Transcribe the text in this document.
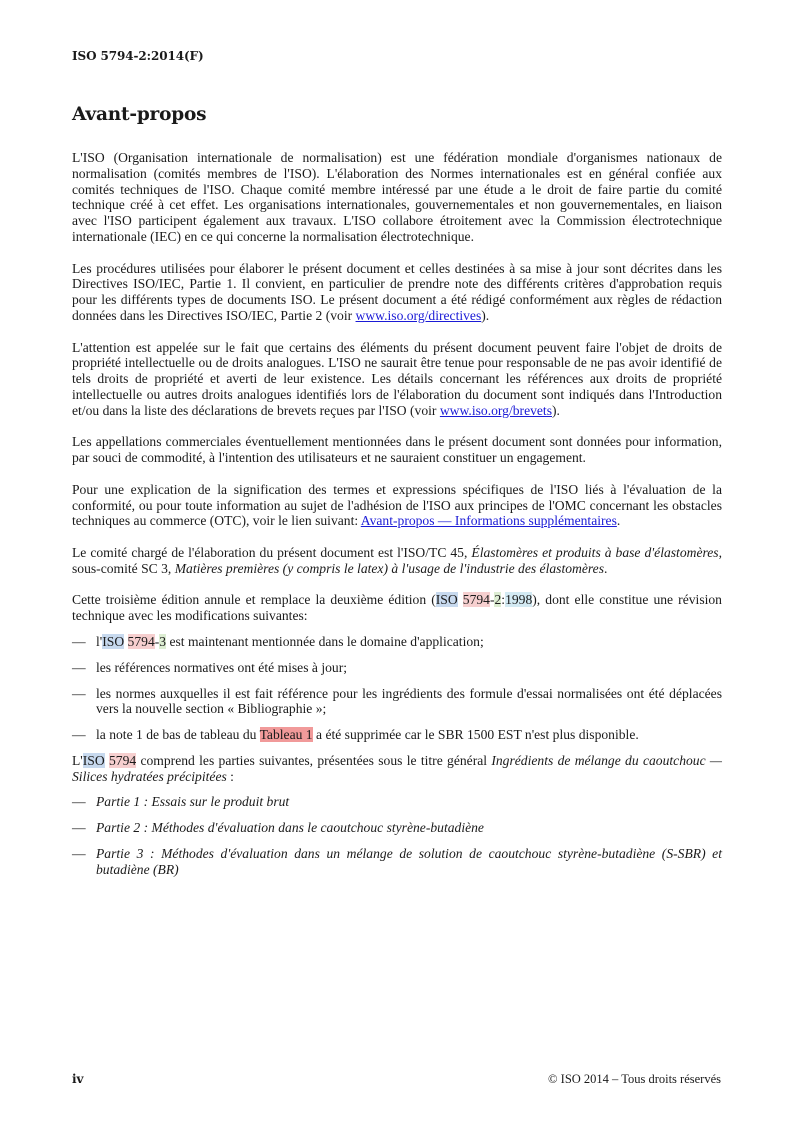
ISO 5794-2:2014(F)
Avant-propos

L'ISO (Organisation internationale de normalisation) est une fédération mondiale d'organismes nationaux de normalisation (comités membres de l'ISO). L'élaboration des Normes internationales est en général confiée aux comités techniques de l'ISO. Chaque comité membre intéressé par une étude a le droit de faire partie du comité technique créé à cet effet. Les organisations internationales, gouvernementales et non gouvernementales, en liaison avec l'ISO participent également aux travaux. L'ISO collabore étroitement avec la Commission électrotechnique internationale (IEC) en ce qui concerne la normalisation électrotechnique.

Les procédures utilisées pour élaborer le présent document et celles destinées à sa mise à jour sont décrites dans les Directives ISO/IEC, Partie 1. Il convient, en particulier de prendre note des différents critères d'approbation requis pour les différents types de documents ISO. Le présent document a été rédigé conformément aux règles de rédaction données dans les Directives ISO/IEC, Partie 2 (voir www.iso.org/directives).

L'attention est appelée sur le fait que certains des éléments du présent document peuvent faire l'objet de droits de propriété intellectuelle ou de droits analogues. L'ISO ne saurait être tenue pour responsable de ne pas avoir identifié de tels droits de propriété et averti de leur existence. Les détails concernant les références aux droits de propriété intellectuelle ou autres droits analogues identifiés lors de l'élaboration du document sont indiqués dans l'Introduction et/ou dans la liste des déclarations de brevets reçues par l'ISO (voir www.iso.org/brevets).

Les appellations commerciales éventuellement mentionnées dans le présent document sont données pour information, par souci de commodité, à l'intention des utilisateurs et ne sauraient constituer un engagement.

Pour une explication de la signification des termes et expressions spécifiques de l'ISO liés à l'évaluation de la conformité, ou pour toute information au sujet de l'adhésion de l'ISO aux principes de l'OMC concernant les obstacles techniques au commerce (OTC), voir le lien suivant: Avant-propos — Informations supplémentaires.

Le comité chargé de l'élaboration du présent document est l'ISO/TC 45, Élastomères et produits à base d'élastomères, sous-comité SC 3, Matières premières (y compris le latex) à l'usage de l'industrie des élastomères.

Cette troisième édition annule et remplace la deuxième édition (ISO 5794-2:1998), dont elle constitue une révision technique avec les modifications suivantes:

— l'ISO 5794-3 est maintenant mentionnée dans le domaine d'application;
— les références normatives ont été mises à jour;
— les normes auxquelles il est fait référence pour les ingrédients des formule d'essai normalisées ont été déplacées vers la nouvelle section « Bibliographie »;
— la note 1 de bas de tableau du Tableau 1 a été supprimée car le SBR 1500 EST n'est plus disponible.

L'ISO 5794 comprend les parties suivantes, présentées sous le titre général Ingrédients de mélange du caoutchouc — Silices hydratées précipitées :

— Partie 1 : Essais sur le produit brut
— Partie 2 : Méthodes d'évaluation dans le caoutchouc styrène-butadiène
— Partie 3 : Méthodes d'évaluation dans un mélange de solution de caoutchouc styrène-butadiène (S-SBR) et butadiène (BR)
iv	© ISO 2014 – Tous droits réservés
